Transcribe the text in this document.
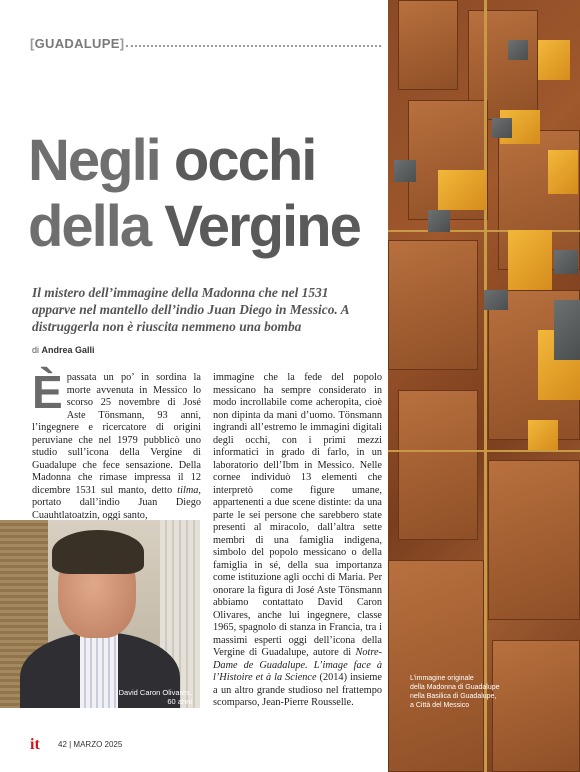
L’immagine originale
della Madonna di Guadalupe
nella Basilica di Guadalupe,
a Città del Messico
[GUADALUPE]
Negli occhi
della Vergine

Il mistero dell’immagine della Madonna che nel 1531 apparve nel mantello dell’indio Juan Diego in Messico. A distruggerla non è riuscita nemmeno una bomba

di Andrea Galli
È passata un po’ in sordina la morte avvenuta in Messico lo scorso 25 novembre di José Aste Tönsmann, 93 anni, l’ingegnere e ricercatore di origini peruviane che nel 1979 pubblicò uno studio sull’icona della Vergine di Guadalupe che fece sensazione. Della Madonna che rimase impressa il 12 dicembre 1531 sul manto, detto tilma, portato dall’indio Juan Diego Cuauhtlatoatzin, oggi santo,
immagine che la fede del popolo messicano ha sempre considerato in modo incrollabile come acheropita, cioè non dipinta da mani d’uomo. Tönsmann ingrandì all’estremo le immagini digitali degli occhi, con i primi mezzi informatici in grado di farlo, in un laboratorio dell’Ibm in Messico. Nelle cornee individuò 13 elementi che interpretò come figure umane, appartenenti a due scene distinte: da una parte le sei persone che sarebbero state presenti al miracolo, dall’altra sette membri di una famiglia indigena, simbolo del popolo messicano o della famiglia in sé, della sua importanza come istituzione agli occhi di Maria. Per onorare la figura di José Aste Tönsmann abbiamo contattato David Caron Olivares, anche lui ingegnere, classe 1965, spagnolo di stanza in Francia, tra i massimi esperti oggi dell’icona della Vergine di Guadalupe, autore di Notre-Dame de Guadalupe. L’image face à l’Histoire et à la Science (2014) insieme a un altro grande studioso nel frattempo scomparso, Jean-Pierre Rousselle.
David Caron Olivares,
60 anni
it 42 | MARZO 2025
